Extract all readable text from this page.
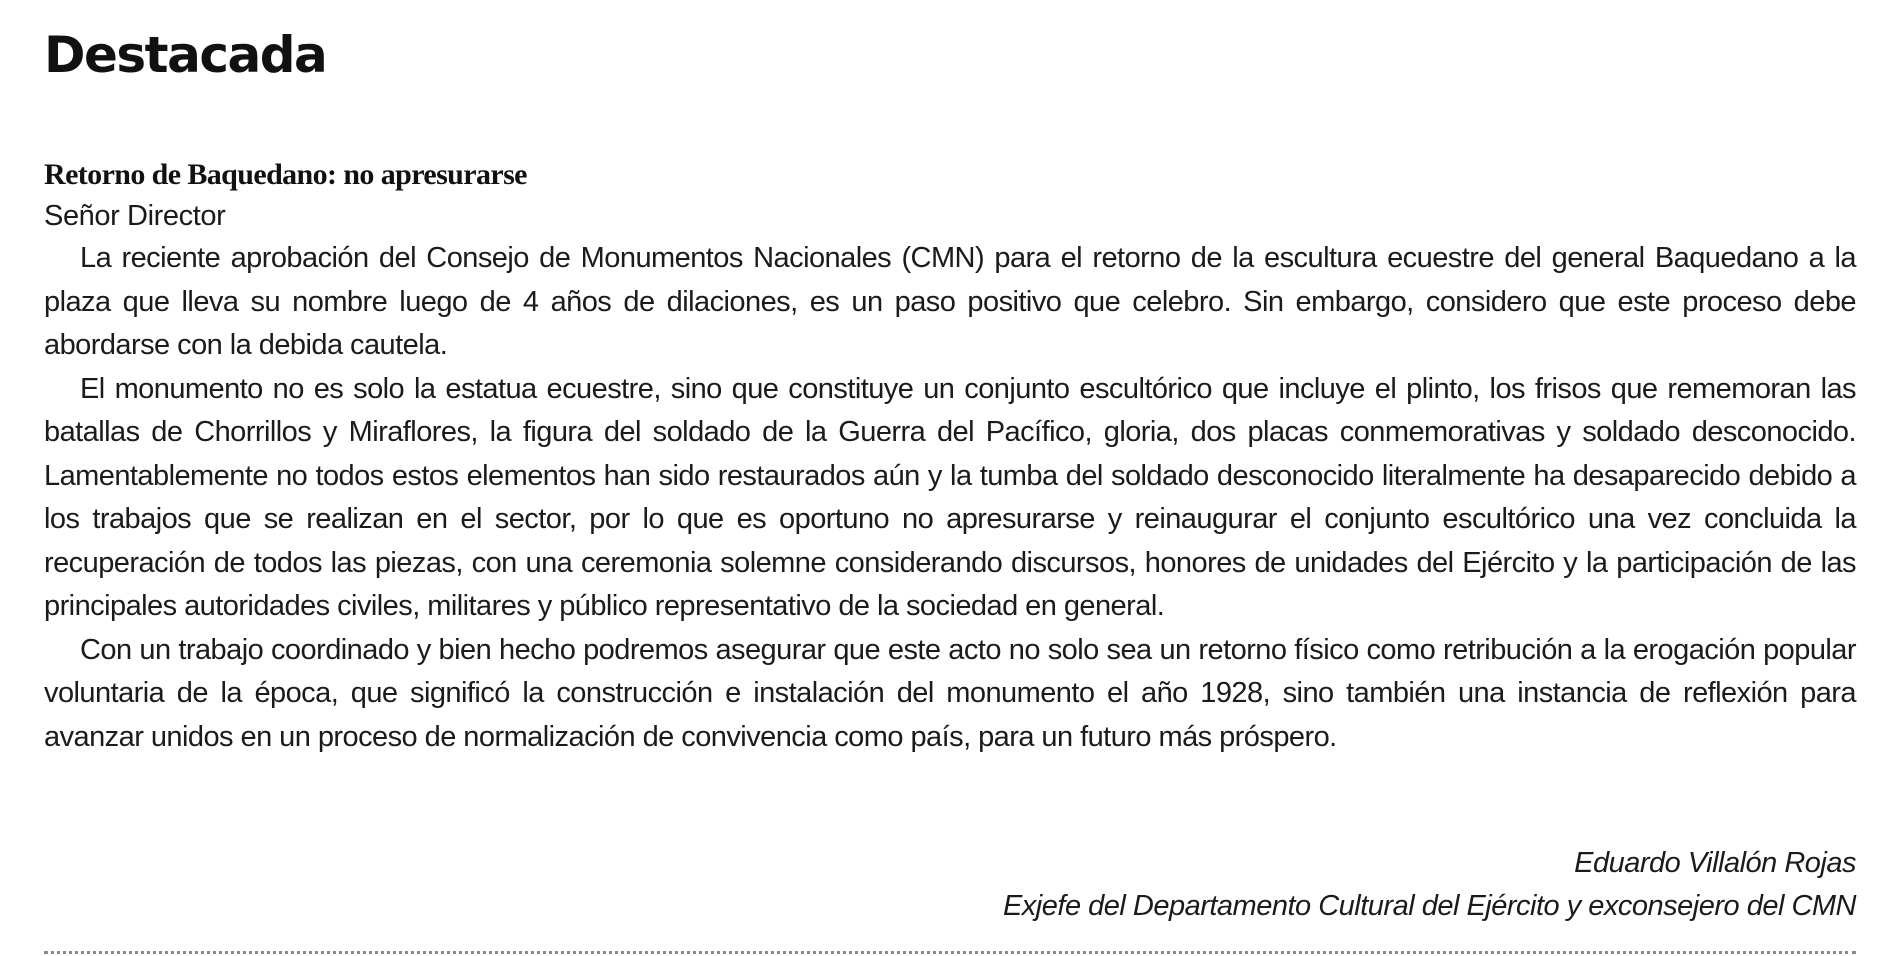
Destacada
Retorno de Baquedano: no apresurarse

Señor Director

La reciente aprobación del Consejo de Monumentos Nacionales (CMN) para el retorno de la escultura ecuestre del general Baquedano a la plaza que lleva su nombre luego de 4 años de dilaciones, es un paso positivo que celebro. Sin embargo, considero que este proceso debe abordarse con la debida cautela.

El monumento no es solo la estatua ecuestre, sino que constituye un conjunto escultórico que incluye el plinto, los frisos que rememoran las batallas de Chorrillos y Miraflores, la figura del soldado de la Guerra del Pacífico, gloria, dos placas conmemorativas y soldado desconocido. Lamentablemente no todos estos elementos han sido restaurados aún y la tumba del soldado desconocido literalmente ha desaparecido debido a los trabajos que se realizan en el sector, por lo que es oportuno no apresurarse y reinaugurar el conjunto escultórico una vez concluida la recuperación de todos las piezas, con una ceremonia solemne considerando discursos, honores de unidades del Ejército y la participación de las principales autoridades civiles, militares y público representativo de la sociedad en general.

Con un trabajo coordinado y bien hecho podremos asegurar que este acto no solo sea un retorno físico como retribución a la erogación popular voluntaria de la época, que significó la construcción e instalación del monumento el año 1928, sino también una instancia de reflexión para avanzar unidos en un proceso de normalización de convivencia como país, para un futuro más próspero.

Eduardo Villalón Rojas
Exjefe del Departamento Cultural del Ejército y exconsejero del CMN
